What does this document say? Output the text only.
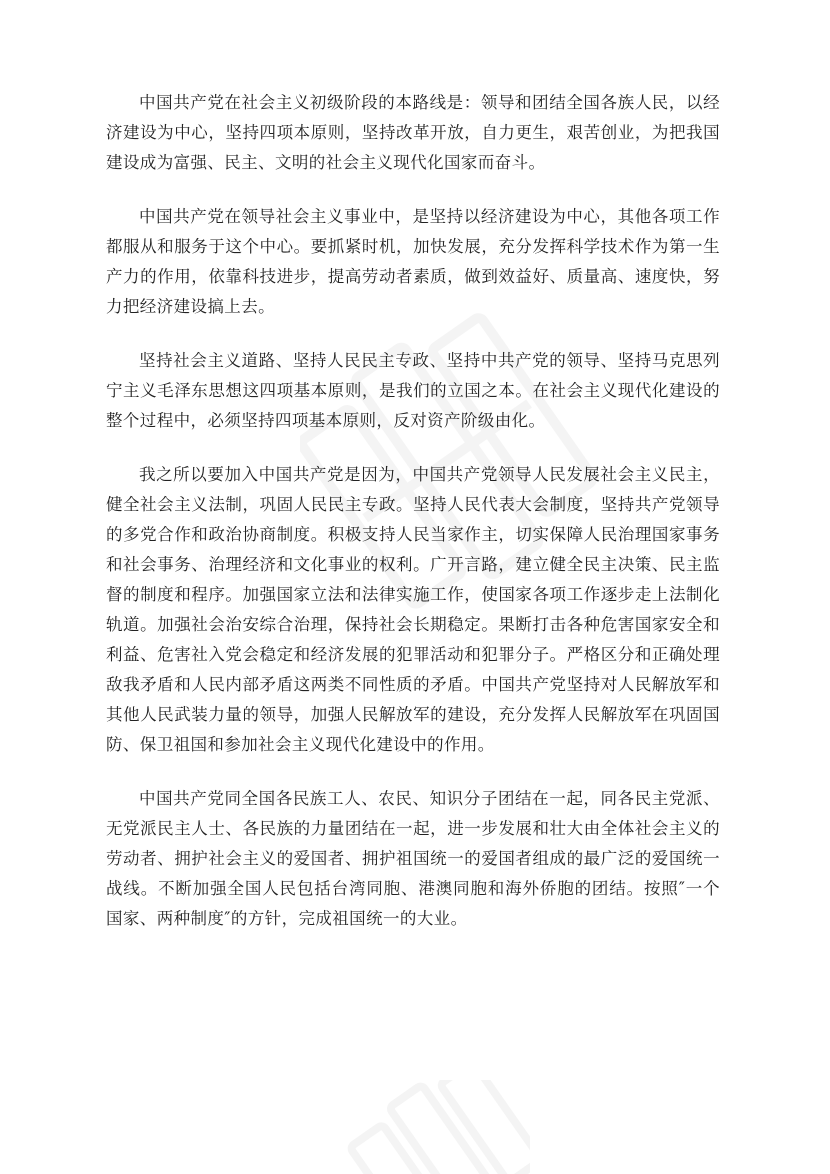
中国共产党在社会主义初级阶段的本路线是：领导和团结全国各族人民，以经济建设为中心，坚持四项本原则，坚持改革开放，自力更生，艰苦创业，为把我国建设成为富强、民主、文明的社会主义现代化国家而奋斗。

中国共产党在领导社会主义事业中，是坚持以经济建设为中心，其他各项工作都服从和服务于这个中心。要抓紧时机，加快发展，充分发挥科学技术作为第一生产力的作用，依靠科技进步，提高劳动者素质，做到效益好、质量高、速度快，努力把经济建设搞上去。

坚持社会主义道路、坚持人民民主专政、坚持中共产党的领导、坚持马克思列宁主义毛泽东思想这四项基本原则，是我们的立国之本。在社会主义现代化建设的整个过程中，必须坚持四项基本原则，反对资产阶级由化。

我之所以要加入中国共产党是因为，中国共产党领导人民发展社会主义民主，健全社会主义法制，巩固人民民主专政。坚持人民代表大会制度，坚持共产党领导的多党合作和政治协商制度。积极支持人民当家作主，切实保障人民治理国家事务和社会事务、治理经济和文化事业的权利。广开言路，建立健全民主决策、民主监督的制度和程序。加强国家立法和法律实施工作，使国家各项工作逐步走上法制化轨道。加强社会治安综合治理，保持社会长期稳定。果断打击各种危害国家安全和利益、危害社入党会稳定和经济发展的犯罪活动和犯罪分子。严格区分和正确处理敌我矛盾和人民内部矛盾这两类不同性质的矛盾。中国共产党坚持对人民解放军和其他人民武装力量的领导，加强人民解放军的建设，充分发挥人民解放军在巩固国防、保卫祖国和参加社会主义现代化建设中的作用。

中国共产党同全国各民族工人、农民、知识分子团结在一起，同各民主党派、无党派民主人士、各民族的力量团结在一起，进一步发展和壮大由全体社会主义的劳动者、拥护社会主义的爱国者、拥护祖国统一的爱国者组成的最广泛的爱国统一战线。不断加强全国人民包括台湾同胞、港澳同胞和海外侨胞的团结。按照″一个国家、两种制度″的方针，完成祖国统一的大业。
